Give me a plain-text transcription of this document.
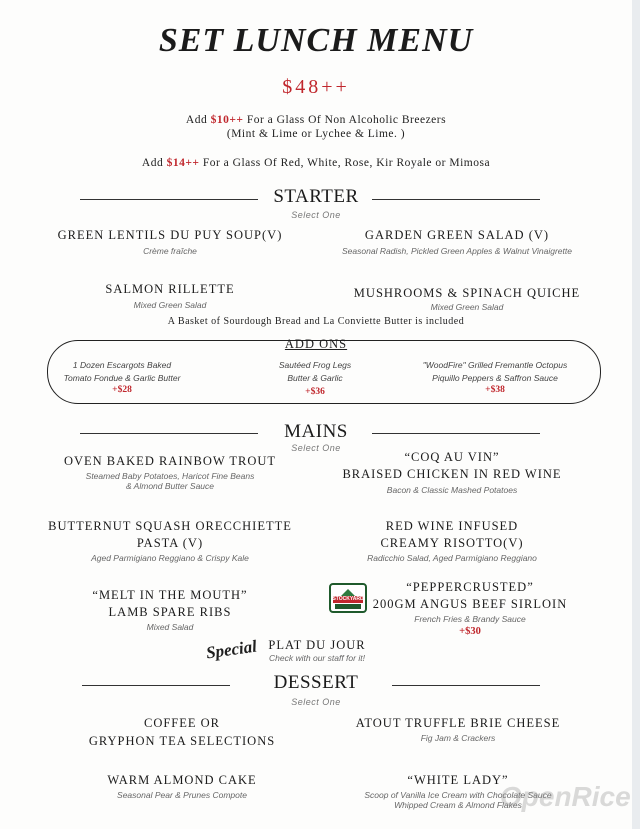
SET LUNCH MENU
$48++
Add $10++ For a Glass Of Non Alcoholic Breezers
(Mint & Lime or Lychee & Lime. )
Add $14++ For a Glass Of Red, White, Rose, Kir Royale or Mimosa
STARTER
Select One
GREEN LENTILS DU PUY SOUP(V)
Crème fraîche
GARDEN GREEN SALAD (V)
Seasonal Radish, Pickled Green Apples & Walnut Vinaigrette
SALMON RILLETTE
Mixed Green Salad
MUSHROOMS & SPINACH QUICHE
Mixed Green Salad
A Basket of Sourdough Bread and La Conviette Butter is included
ADD ONS
1 Dozen Escargots Baked
Tomato Fondue & Garlic Butter
+$28
Sautéed Frog Legs
Butter & Garlic
+$36
"WoodFire" Grilled Fremantle Octopus
Piquillo Peppers & Saffron Sauce
+$38
MAINS
Select One
OVEN BAKED RAINBOW TROUT
Steamed Baby Potatoes, Haricot Fine Beans
& Almond Butter Sauce
“COQ AU VIN”
BRAISED CHICKEN IN RED WINE
Bacon & Classic Mashed Potatoes
BUTTERNUT SQUASH ORECCHIETTE
PASTA (V)
Aged Parmigiano Reggiano & Crispy Kale
RED WINE INFUSED
CREAMY RISOTTO(V)
Radicchio Salad, Aged Parmigiano Reggiano
“MELT IN THE MOUTH”
LAMB SPARE RIBS
Mixed Salad
STOCKYARD
“PEPPERCRUSTED”
200GM ANGUS BEEF SIRLOIN
French Fries & Brandy Sauce
+$30
Special PLAT DU JOUR
Check with our staff for it!
DESSERT
Select One
COFFEE OR
GRYPHON TEA SELECTIONS
ATOUT TRUFFLE BRIE CHEESE
Fig Jam & Crackers
WARM ALMOND CAKE
Seasonal Pear & Prunes Compote
“WHITE LADY”
Scoop of Vanilla Ice Cream with Chocolate Sauce
Whipped Cream & Almond Flakes
OpenRice
